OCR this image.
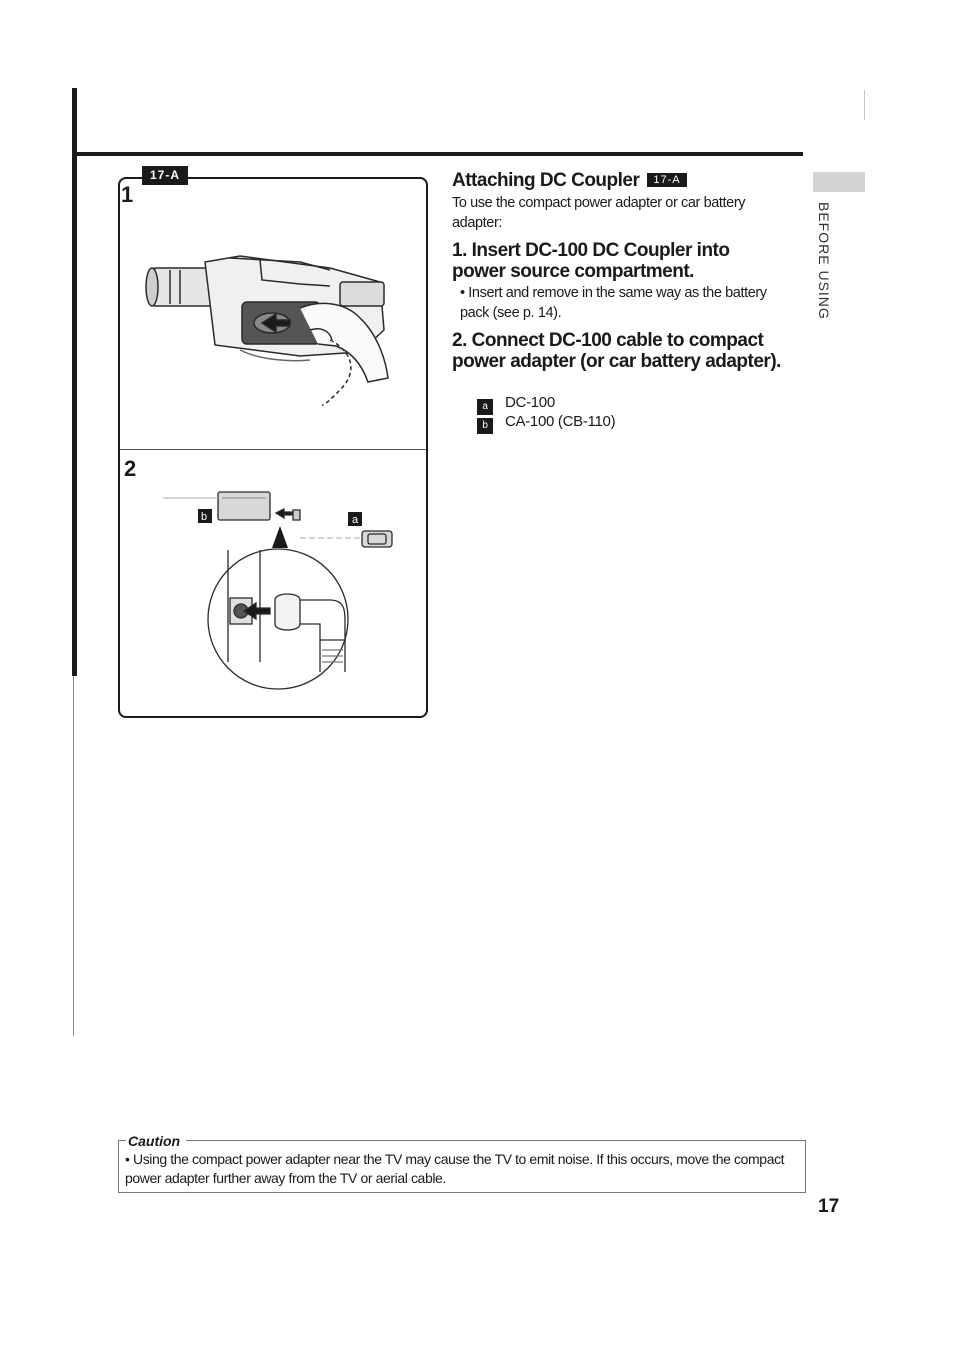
17-A
1
2
b	a
Attaching DC Coupler 17-A
To use the compact power adapter or car battery adapter:
1. Insert DC-100 DC Coupler into power source compartment.
• Insert and remove in the same way as the battery pack (see p. 14).
2. Connect DC-100 cable to compact power adapter (or car battery adapter).
a DC-100
b CA-100 (CB-110)
BEFORE USING
Caution
• Using the compact power adapter near the TV may cause the TV to emit noise. If this occurs, move the compact power adapter further away from the TV or aerial cable.
17
